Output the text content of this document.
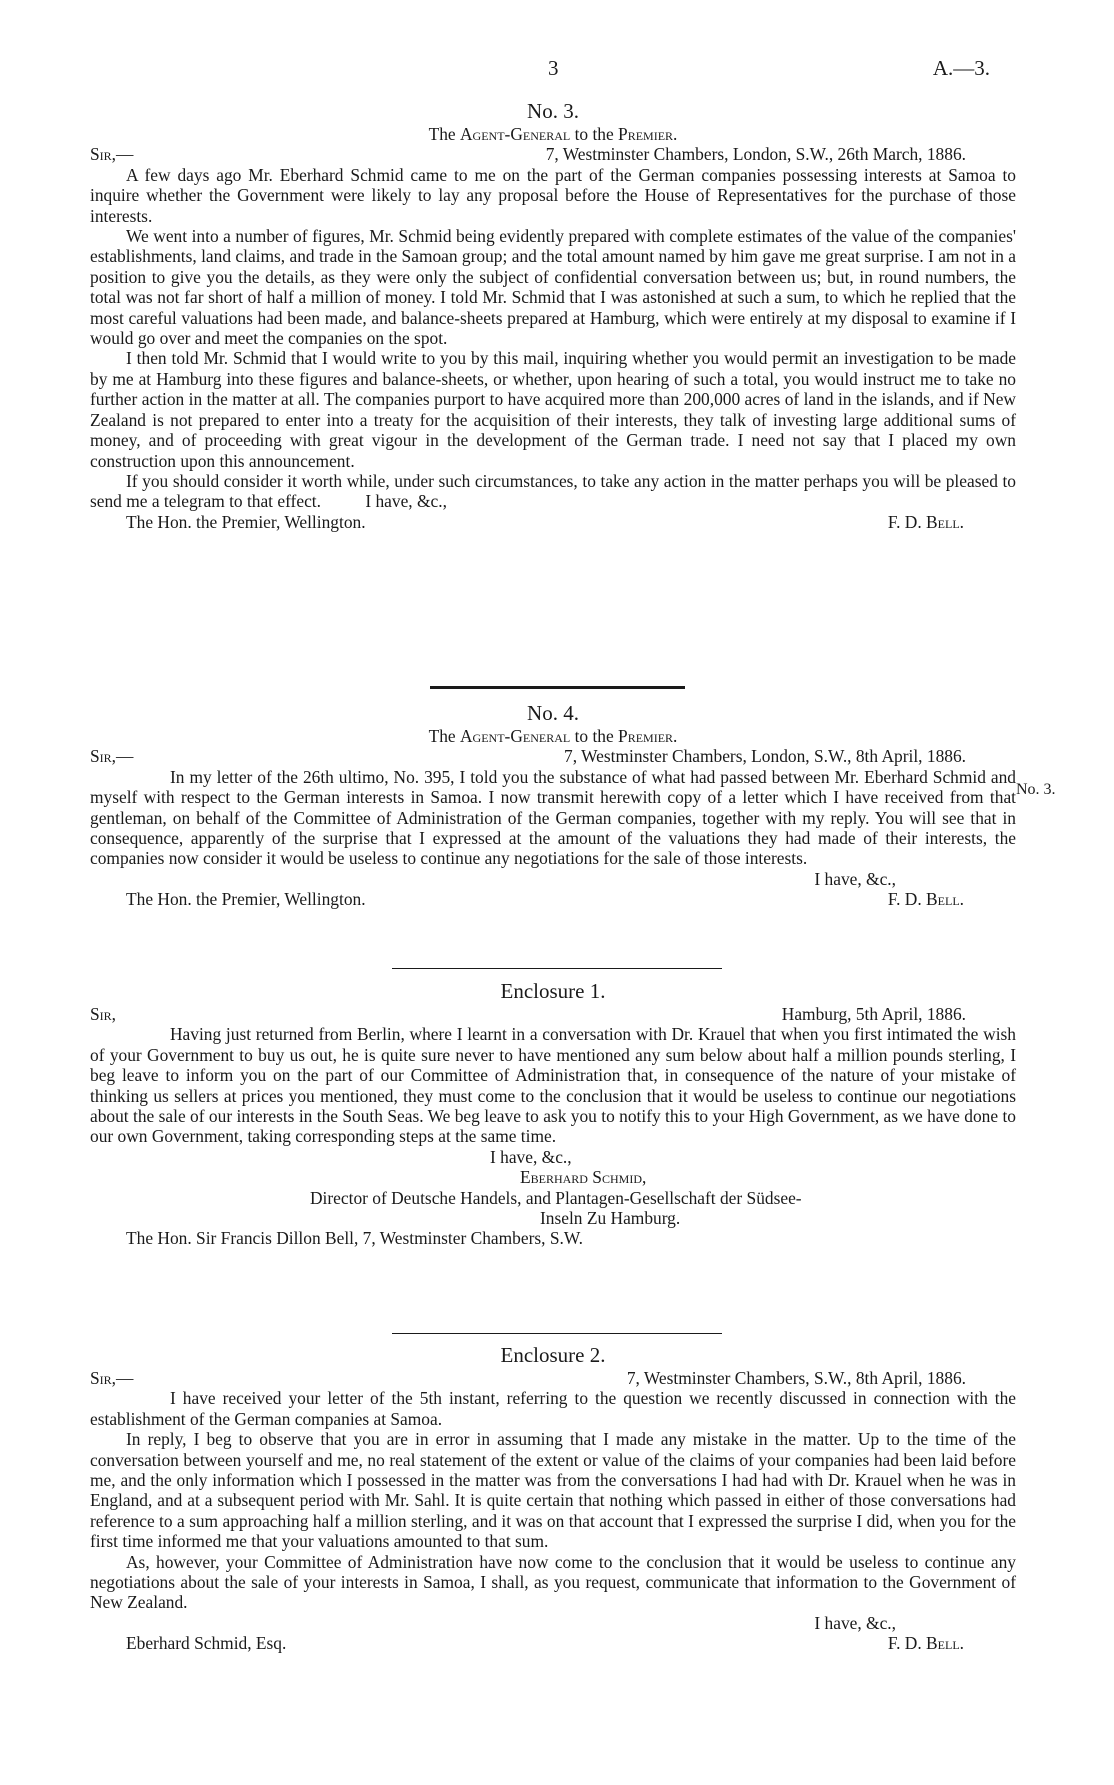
3	A.—3.
No. 3.
The Agent-General to the Premier.
Sir,—	7, Westminster Chambers, London, S.W., 26th March, 1886.
A few days ago Mr. Eberhard Schmid came to me on the part of the German companies possessing interests at Samoa to inquire whether the Government were likely to lay any proposal before the House of Representatives for the purchase of those interests.
We went into a number of figures, Mr. Schmid being evidently prepared with complete estimates of the value of the companies' establishments, land claims, and trade in the Samoan group; and the total amount named by him gave me great surprise. I am not in a position to give you the details, as they were only the subject of confidential conversation between us; but, in round numbers, the total was not far short of half a million of money. I told Mr. Schmid that I was astonished at such a sum, to which he replied that the most careful valuations had been made, and balance-sheets prepared at Hamburg, which were entirely at my disposal to examine if I would go over and meet the companies on the spot.
I then told Mr. Schmid that I would write to you by this mail, inquiring whether you would permit an investigation to be made by me at Hamburg into these figures and balance-sheets, or whether, upon hearing of such a total, you would instruct me to take no further action in the matter at all. The companies purport to have acquired more than 200,000 acres of land in the islands, and if New Zealand is not prepared to enter into a treaty for the acquisition of their interests, they talk of investing large additional sums of money, and of proceeding with great vigour in the development of the German trade. I need not say that I placed my own construction upon this announcement.
If you should consider it worth while, under such circumstances, to take any action in the matter perhaps you will be pleased to send me a telegram to that effect.	I have, &c.,
The Hon. the Premier, Wellington.	F. D. Bell.
No. 4.
The Agent-General to the Premier.
Sir,—	7, Westminster Chambers, London, S.W., 8th April, 1886.
In my letter of the 26th ultimo, No. 395, I told you the substance of what had passed between Mr. Eberhard Schmid and myself with respect to the German interests in Samoa. I now transmit herewith copy of a letter which I have received from that gentleman, on behalf of the Committee of Administration of the German companies, together with my reply. You will see that in consequence, apparently of the surprise that I expressed at the amount of the valuations they had made of their interests, the companies now consider it would be useless to continue any negotiations for the sale of those interests.
I have, &c.,
The Hon. the Premier, Wellington.	F. D. Bell.
No. 3.
Enclosure 1.
Sir,	Hamburg, 5th April, 1886.
Having just returned from Berlin, where I learnt in a conversation with Dr. Krauel that when you first intimated the wish of your Government to buy us out, he is quite sure never to have mentioned any sum below about half a million pounds sterling, I beg leave to inform you on the part of our Committee of Administration that, in consequence of the nature of your mistake of thinking us sellers at prices you mentioned, they must come to the conclusion that it would be useless to continue our negotiations about the sale of our interests in the South Seas. We beg leave to ask you to notify this to your High Government, as we have done to our own Government, taking corresponding steps at the same time.
I have, &c.,
Eberhard Schmid,
Director of Deutsche Handels, and Plantagen-Gesellschaft der Südsee-
Inseln Zu Hamburg.
The Hon. Sir Francis Dillon Bell, 7, Westminster Chambers, S.W.
Enclosure 2.
Sir,—	7, Westminster Chambers, S.W., 8th April, 1886.
I have received your letter of the 5th instant, referring to the question we recently discussed in connection with the establishment of the German companies at Samoa.
In reply, I beg to observe that you are in error in assuming that I made any mistake in the matter. Up to the time of the conversation between yourself and me, no real statement of the extent or value of the claims of your companies had been laid before me, and the only information which I possessed in the matter was from the conversations I had had with Dr. Krauel when he was in England, and at a subsequent period with Mr. Sahl. It is quite certain that nothing which passed in either of those conversations had reference to a sum approaching half a million sterling, and it was on that account that I expressed the surprise I did, when you for the first time informed me that your valuations amounted to that sum.
As, however, your Committee of Administration have now come to the conclusion that it would be useless to continue any negotiations about the sale of your interests in Samoa, I shall, as you request, communicate that information to the Government of New Zealand.
I have, &c.,
Eberhard Schmid, Esq.	F. D. Bell.
